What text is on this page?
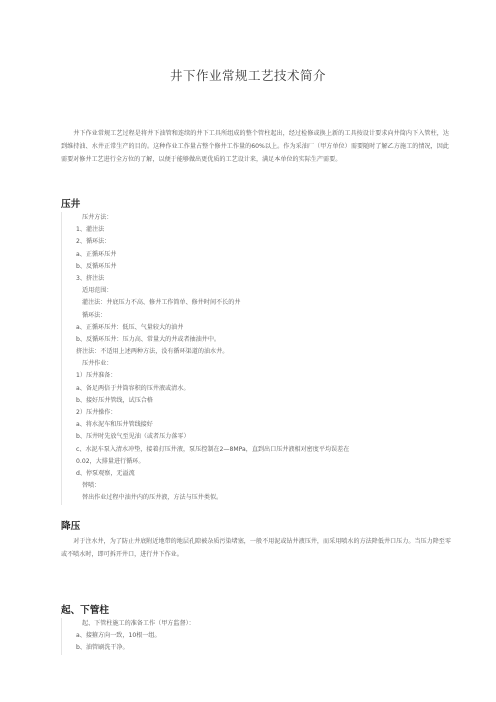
井下作业常规工艺技术简介
井下作业常规工艺过程是将井下油管和连续的井下工具所组成的整个管柱起出，经过检修或换上新的工具按设计要求向井筒内下入管柱，达到维持油、水井正常生产的目的。这种作业工作量占整个修井工作量的60%以上。作为采油厂（甲方单位）需要随时了解乙方施工的情况，因此需要对修井工艺进行全方位的了解，以便于能够做出更优质的工艺设计来，满足本单位的实际生产需要。
压井
压井方法：
1、灌注法
2、循环法：
a、正循环压井
b、反循环压井
3、挤注法
适用范围：
灌注法：井底压力不高、修井工作简单、修井时间不长的井
循环法：
a、正循环压井：低压、气量较大的油井
b、反循环压井：压力高、常量大的井或者抽油井中。
挤注法：不适用上述两种方法，没有循环渠道的油水井。
压井作业：
1）压井准备：
a、备足两倍于井筒容积的压井液或清水。
b、接好压井管线，试压合格
2）压井操作：
a、将水泥车和压井管线接好
b、压井时先放气至见油（或者压力落零）
c、水泥车泵入清水冲垫，接着打压井液，泵压控制在2—8MPa，直到出口压井液相对密度平均误差在
0.02，大排量进行循环。
d、停泵观察，无溢流
替喷：
替出作业过程中油井内的压井液，方法与压井类似。
降压
对于注水井，为了防止井底附近地带的地层孔隙被杂质污染堵塞，一般不用泥或钻井液压井，而采用喷水的方法降低井口压力。当压力降至零或不喷水时，即可拆开井口，进行井下作业。
起、下管柱
起、下管柱施工的准备工作（甲方监督）：
a、接箍方向一致，10根一组。
b、油管刷洗干净。
